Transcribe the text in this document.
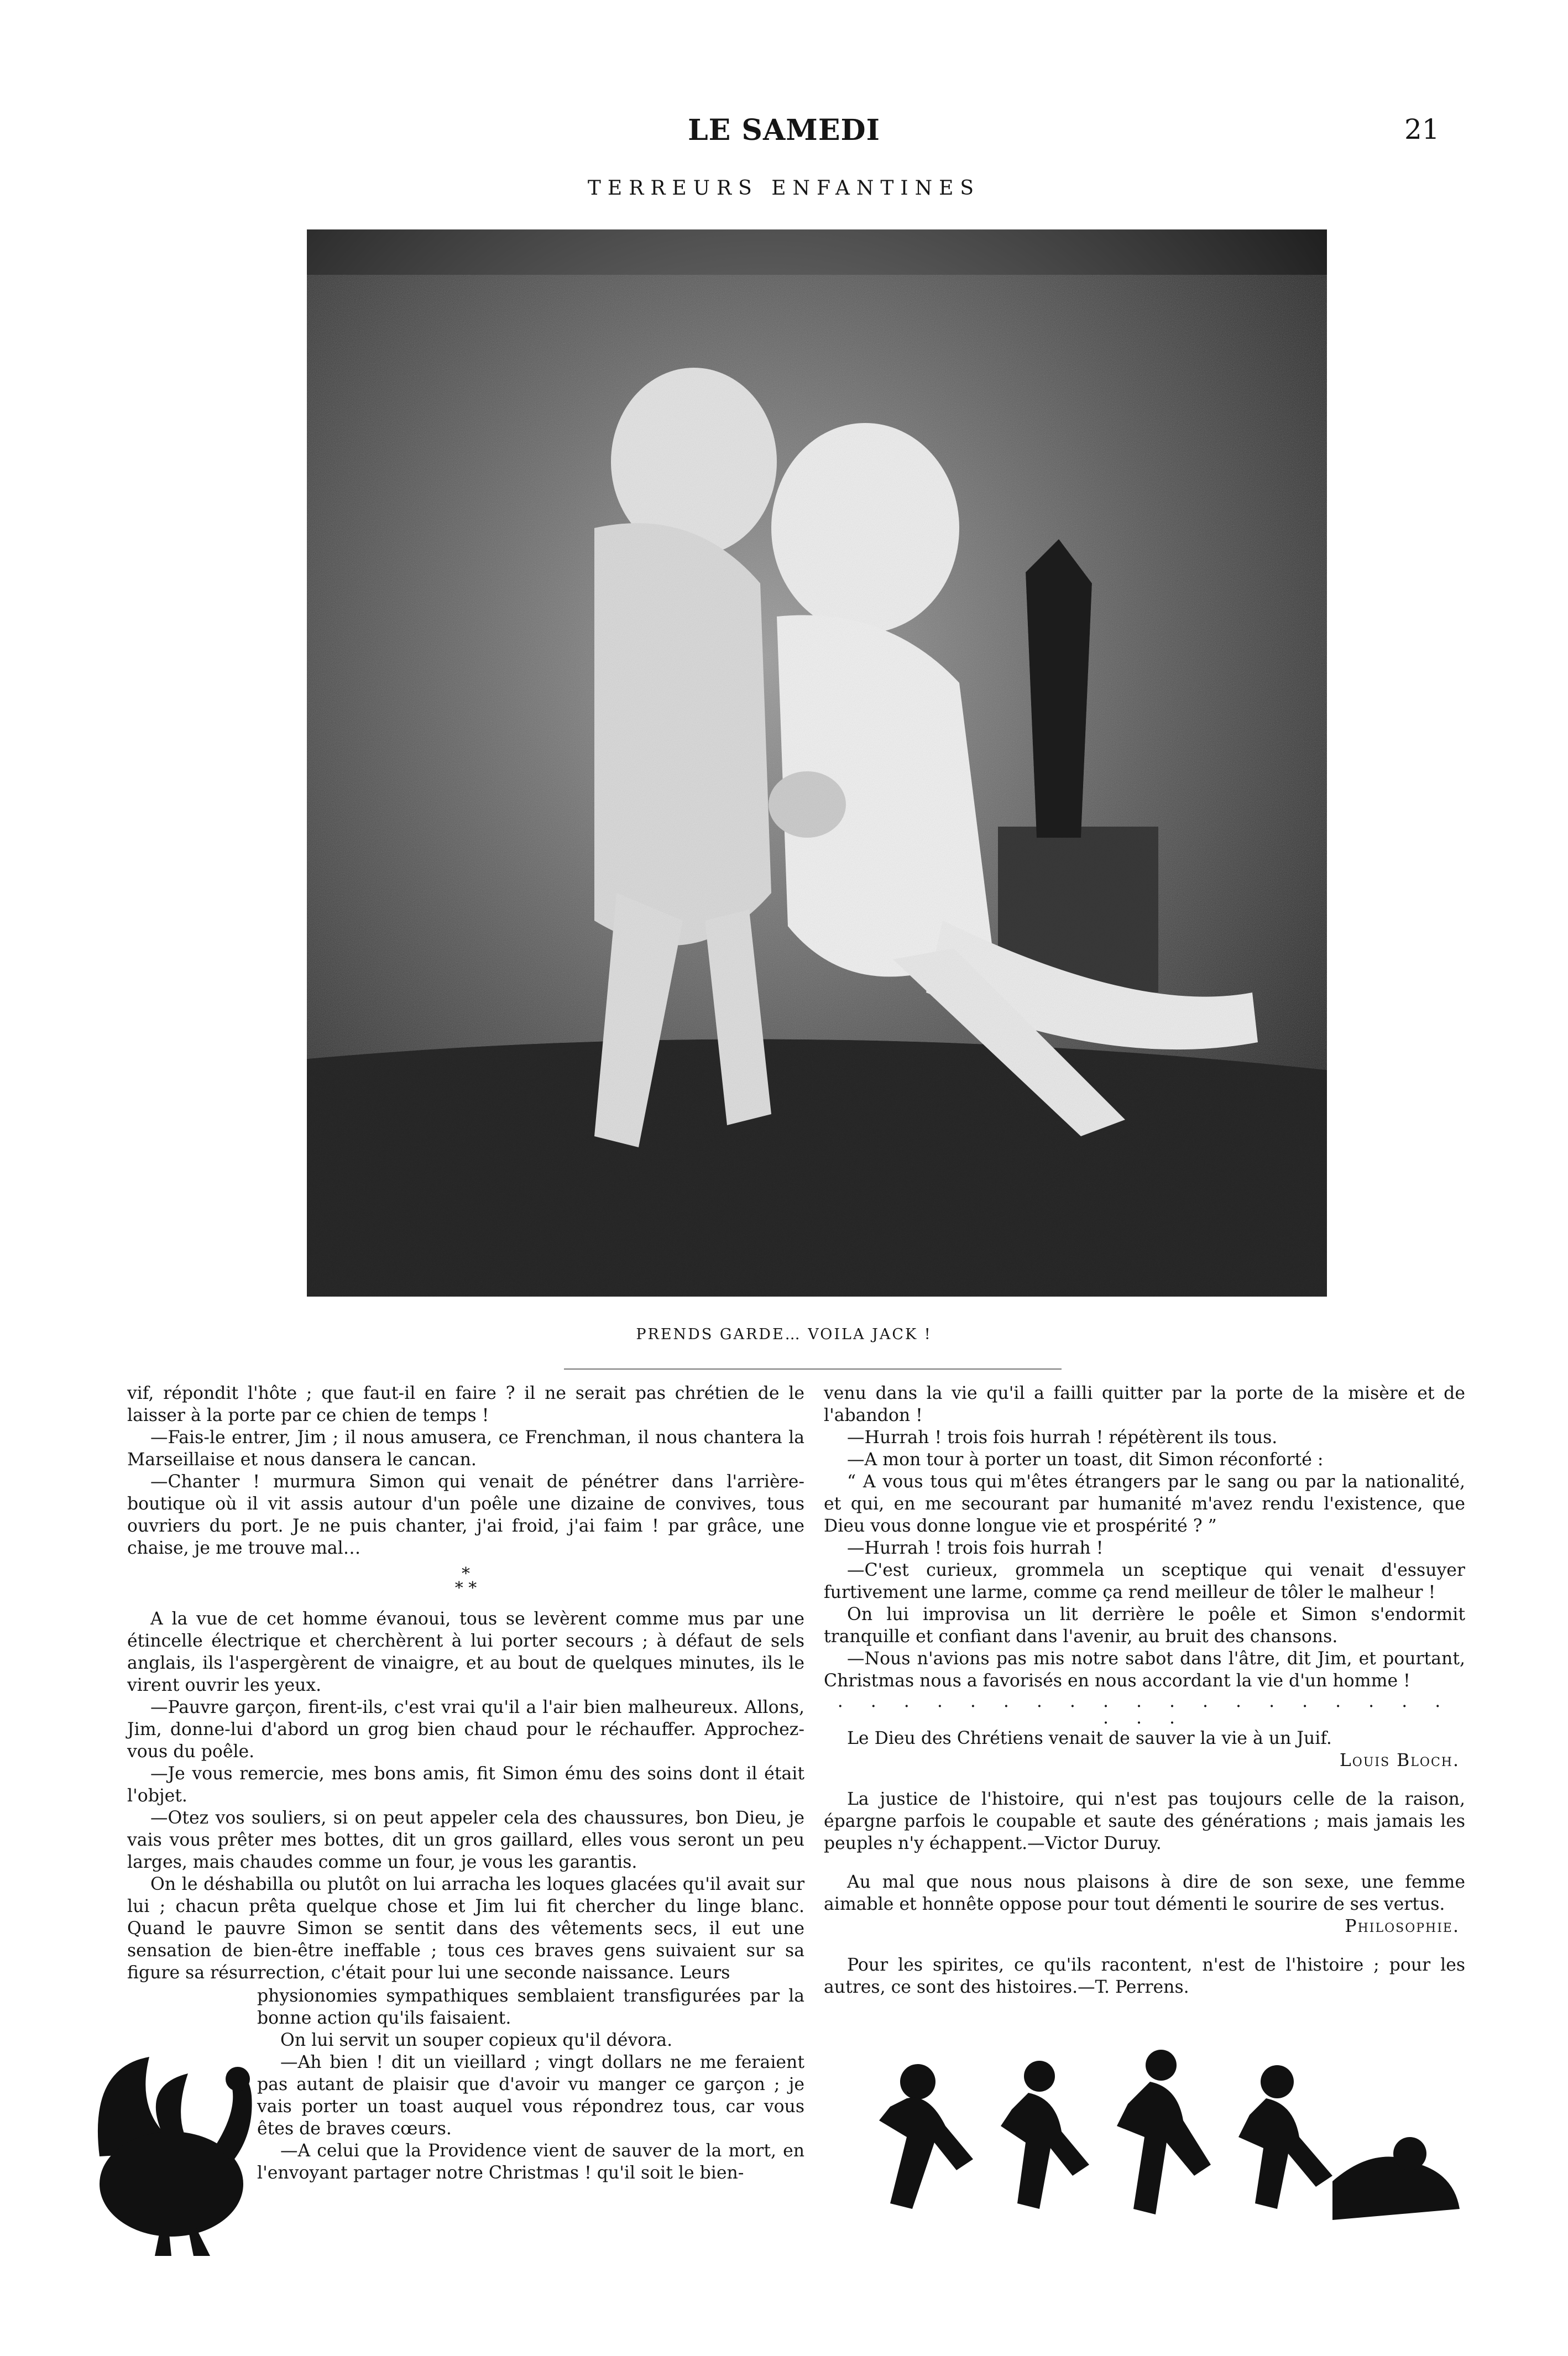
LE SAMEDI	21
TERREURS ENFANTINES
PRENDS GARDE… VOILA JACK !

vif, répondit l'hôte ; que faut-il en faire ? il ne serait pas chrétien de le laisser à la porte par ce chien de temps !

—Fais-le entrer, Jim ; il nous amusera, ce Frenchman, il nous chantera la Marseillaise et nous dansera le cancan.

—Chanter ! murmura Simon qui venait de pénétrer dans l'arrière-boutique où il vit assis autour d'un poêle une dizaine de convives, tous ouvriers du port. Je ne puis chanter, j'ai froid, j'ai faim ! par grâce, une chaise, je me trouve mal…

*
* *

A la vue de cet homme évanoui, tous se levèrent comme mus par une étincelle électrique et cherchèrent à lui porter secours ; à défaut de sels anglais, ils l'aspergèrent de vinaigre, et au bout de quelques minutes, ils le virent ouvrir les yeux.

—Pauvre garçon, firent-ils, c'est vrai qu'il a l'air bien malheureux. Allons, Jim, donne-lui d'abord un grog bien chaud pour le réchauffer. Approchez-vous du poêle.

—Je vous remercie, mes bons amis, fit Simon ému des soins dont il était l'objet.

—Otez vos souliers, si on peut appeler cela des chaussures, bon Dieu, je vais vous prêter mes bottes, dit un gros gaillard, elles vous seront un peu larges, mais chaudes comme un four, je vous les garantis.

On le déshabilla ou plutôt on lui arracha les loques glacées qu'il avait sur lui ; chacun prêta quelque chose et Jim lui fit chercher du linge blanc. Quand le pauvre Simon se sentit dans des vêtements secs, il eut une sensation de bien-être ineffable ; tous ces braves gens suivaient sur sa figure sa résurrection, c'était pour lui une seconde naissance. Leurs

physionomies sympathiques semblaient transfigurées par la bonne action qu'ils faisaient.

On lui servit un souper copieux qu'il dévora.

—Ah bien ! dit un vieillard ; vingt dollars ne me feraient pas autant de plaisir que d'avoir vu manger ce garçon ; je vais porter un toast auquel vous répondrez tous, car vous êtes de braves cœurs.

—A celui que la Providence vient de sauver de la mort, en l'envoyant partager notre Christmas ! qu'il soit le bien-

venu dans la vie qu'il a failli quitter par la porte de la misère et de l'abandon !

—Hurrah ! trois fois hurrah ! répétèrent ils tous.

—A mon tour à porter un toast, dit Simon réconforté :

“ A vous tous qui m'êtes étrangers par le sang ou par la nationalité, et qui, en me secourant par humanité m'avez rendu l'existence, que Dieu vous donne longue vie et prospérité ? ”

—Hurrah ! trois fois hurrah !

—C'est curieux, grommela un sceptique qui venait d'essuyer furtivement une larme, comme ça rend meilleur de tôler le malheur !

On lui improvisa un lit derrière le poêle et Simon s'endormit tranquille et confiant dans l'avenir, au bruit des chansons.

—Nous n'avions pas mis notre sabot dans l'âtre, dit Jim, et pourtant, Christmas nous a favorisés en nous accordant la vie d'un homme !

. . . . . . . . . . . . . . . . . . . . . .

Le Dieu des Chrétiens venait de sauver la vie à un Juif.

Louis Bloch.

La justice de l'histoire, qui n'est pas toujours celle de la raison, épargne parfois le coupable et saute des générations ; mais jamais les peuples n'y échappent.—Victor Duruy.

Au mal que nous nous plaisons à dire de son sexe, une femme aimable et honnête oppose pour tout démenti le sourire de ses vertus.

Philosophie.

Pour les spirites, ce qu'ils racontent, n'est de l'histoire ; pour les autres, ce sont des histoires.—T. Perrens.
